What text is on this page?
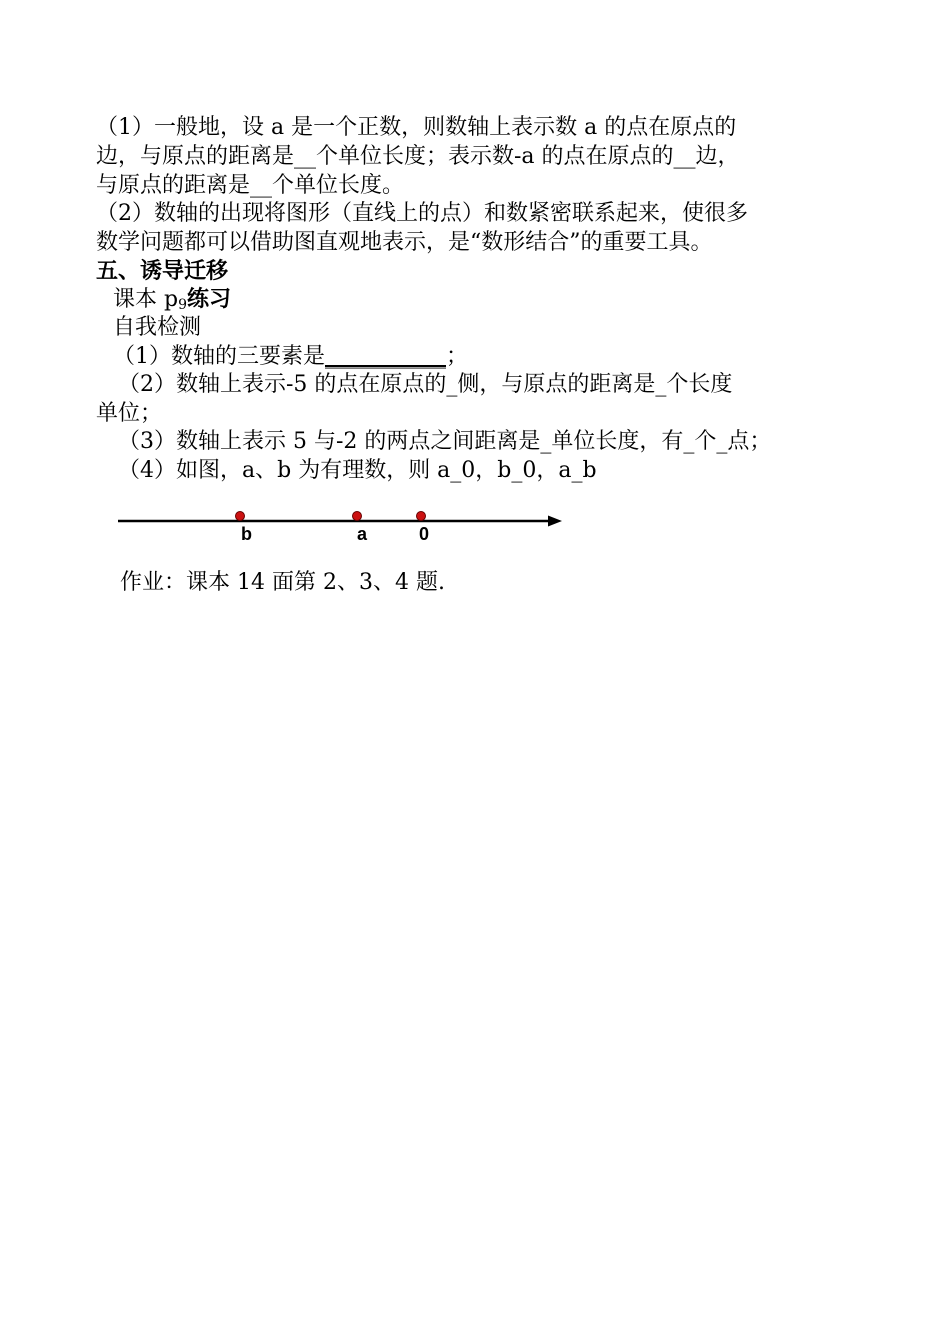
（1）一般地，设 a 是一个正数，则数轴上表示数 a 的点在原点的
边，与原点的距离是__个单位长度；表示数-a 的点在原点的__边，
与原点的距离是__个单位长度。
（2）数轴的出现将图形（直线上的点）和数紧密联系起来，使很多
数学问题都可以借助图直观地表示，是“数形结合”的重要工具。
五、诱导迁移
课本 $p_9$练习
自我检测
（1）数轴的三要素是___________；
（2）数轴上表示-5 的点在原点的_侧，与原点的距离是_个长度
单位；
（3）数轴上表示 5 与-2 的两点之间距离是_单位长度，有_个_点；
（4）如图，a、b 为有理数，则 a_0，b_0，a_b
b	a	0
作业：课本 14 面第 2、3、4 题.
